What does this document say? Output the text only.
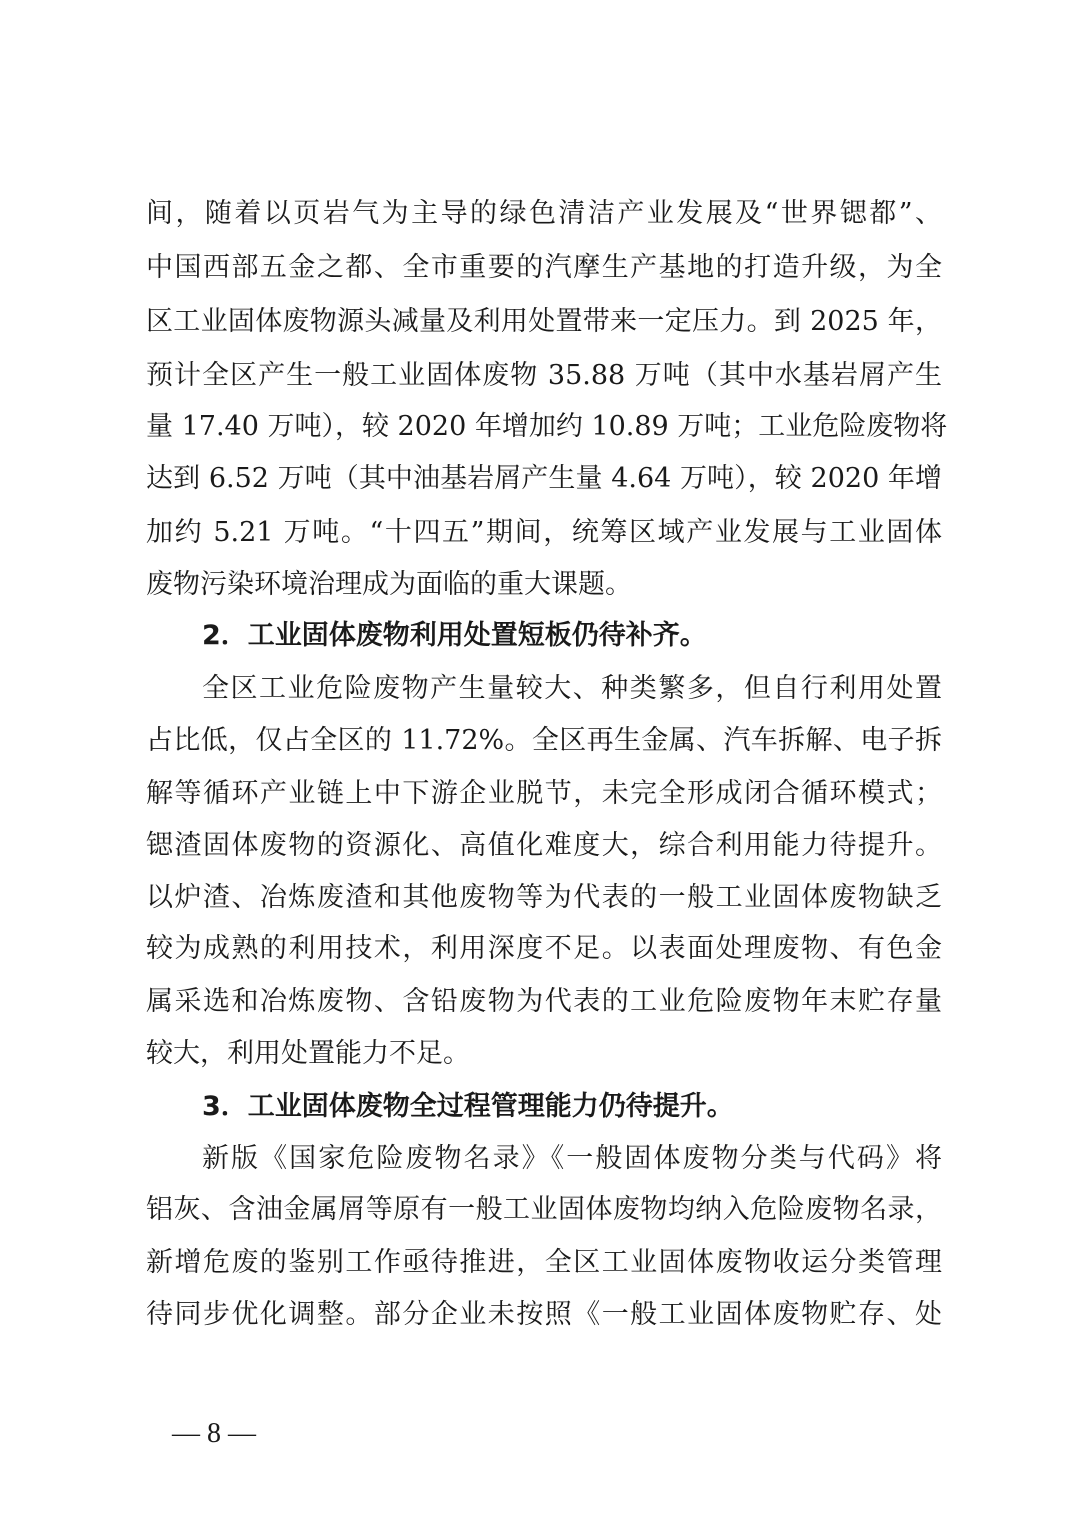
间，随着以页岩气为主导的绿色清洁产业发展及“世界锶都”、
中国西部五金之都、全市重要的汽摩生产基地的打造升级，为全
区工业固体废物源头减量及利用处置带来一定压力。到 2025 年，
预计全区产生一般工业固体废物 35.88 万吨（其中水基岩屑产生
量 17.40 万吨），较 2020 年增加约 10.89 万吨；工业危险废物将
达到 6.52 万吨（其中油基岩屑产生量 4.64 万吨），较 2020 年增
加约 5.21 万吨。“十四五”期间，统筹区域产业发展与工业固体
废物污染环境治理成为面临的重大课题。
2．工业固体废物利用处置短板仍待补齐。
全区工业危险废物产生量较大、种类繁多，但自行利用处置
占比低，仅占全区的 11.72%。全区再生金属、汽车拆解、电子拆
解等循环产业链上中下游企业脱节，未完全形成闭合循环模式；
锶渣固体废物的资源化、高值化难度大，综合利用能力待提升。
以炉渣、冶炼废渣和其他废物等为代表的一般工业固体废物缺乏
较为成熟的利用技术，利用深度不足。以表面处理废物、有色金
属采选和冶炼废物、含铅废物为代表的工业危险废物年末贮存量
较大，利用处置能力不足。
3．工业固体废物全过程管理能力仍待提升。
新版《国家危险废物名录》《一般固体废物分类与代码》将
铝灰、含油金属屑等原有一般工业固体废物均纳入危险废物名录，
新增危废的鉴别工作亟待推进，全区工业固体废物收运分类管理
待同步优化调整。部分企业未按照《一般工业固体废物贮存、处
— 8 —
